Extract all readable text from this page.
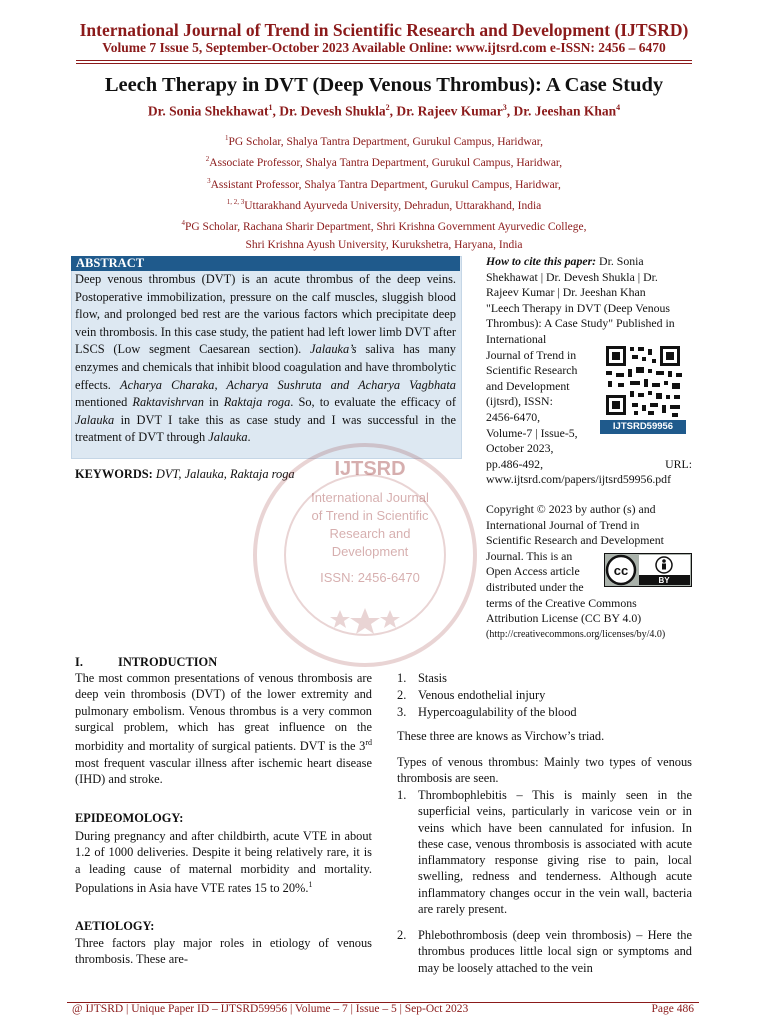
International Journal of Trend in Scientific Research and Development (IJTSRD)
Volume 7 Issue 5, September-October 2023 Available Online: www.ijtsrd.com e-ISSN: 2456 – 6470
Leech Therapy in DVT (Deep Venous Thrombus): A Case Study
Dr. Sonia Shekhawat$^1$, Dr. Devesh Shukla$^2$, Dr. Rajeev Kumar$^3$, Dr. Jeeshan Khan$^4$
$^1$PG Scholar, Shalya Tantra Department, Gurukul Campus, Haridwar,
$^2$Associate Professor, Shalya Tantra Department, Gurukul Campus, Haridwar,
$^3$Assistant Professor, Shalya Tantra Department, Gurukul Campus, Haridwar,
$^{1, 2, 3}$Uttarakhand Ayurveda University, Dehradun, Uttarakhand, India
$^4$PG Scholar, Rachana Sharir Department, Shri Krishna Government Ayurvedic College,
Shri Krishna Ayush University, Kurukshetra, Haryana, India
ABSTRACT
Deep venous thrombus (DVT) is an acute thrombus of the deep veins. Postoperative immobilization, pressure on the calf muscles, sluggish blood flow, and prolonged bed rest are the various factors which precipitate deep vein thrombosis. In this case study, the patient had left lower limb DVT after LSCS (Low segment Caesarean section). Jalauka’s saliva has many enzymes and chemicals that inhibit blood coagulation and have thrombolytic effects. Acharya Charaka, Acharya Sushruta and Acharya Vagbhata mentioned Raktavishrvan in Raktaja roga. So, to evaluate the efficacy of Jalauka in DVT I take this as case study and I was successful in the treatment of DVT through Jalauka.
KEYWORDS: DVT, Jalauka, Raktaja roga	IJTSRD
International Journal
of Trend in Scientific
Research and
Development
ISSN: 2456-6470
How to cite this paper: Dr. Sonia
Shekhawat | Dr. Devesh Shukla | Dr.
Rajeev Kumar | Dr. Jeeshan Khan
"Leech Therapy in DVT (Deep Venous
Thrombus): A Case Study" Published in
International
Journal of Trend in
Scientific Research
and Development
(ijtsrd), ISSN:
2456-6470,
Volume-7 | Issue-5,
October 2023,
pp.486-492,	URL:
www.ijtsrd.com/papers/ijtsrd59956.pdf
IJTSRD59956
Copyright © 2023 by author (s) and
International Journal of Trend in
Scientific Research and Development
Journal. This is an
Open Access article
distributed under the
terms of the Creative Commons
Attribution License (CC BY 4.0)
(http://creativecommons.org/licenses/by/4.0)
cc
BY
I.	INTRODUCTION
The most common presentations of venous thrombosis are deep vein thrombosis (DVT) of the lower extremity and pulmonary embolism. Venous thrombus is a very common surgical problem, which has great influence on the morbidity and mortality of surgical patients. DVT is the 3rd most frequent vascular illness after ischemic heart disease (IHD) and stroke.
EPIDEOMOLOGY:
During pregnancy and after childbirth, acute VTE in about 1.2 of 1000 deliveries. Despite it being relatively rare, it is a leading cause of maternal morbidity and mortality. Populations in Asia have VTE rates 15 to 20%.$^1$
AETIOLOGY:
Three factors play major roles in etiology of venous thrombosis. These are-
1. Stasis
2. Venous endothelial injury
3. Hypercoagulability of the blood
These three are knows as Virchow’s triad.
Types of venous thrombus: Mainly two types of venous thrombosis are seen.
1. Thrombophlebitis – This is mainly seen in the superficial veins, particularly in varicose vein or in veins which have been cannulated for infusion. In these case, venous thrombosis is associated with acute inflammatory response giving rise to pain, local swelling, redness and tenderness. Although acute inflammatory changes occur in the vein wall, bacteria are rarely present.
2. Phlebothrombosis (deep vein thrombosis) – Here the thrombus produces little local sign or symptoms and may be loosely attached to the vein
@ IJTSRD | Unique Paper ID – IJTSRD59956 | Volume – 7 | Issue – 5 | Sep-Oct 2023	Page 486
